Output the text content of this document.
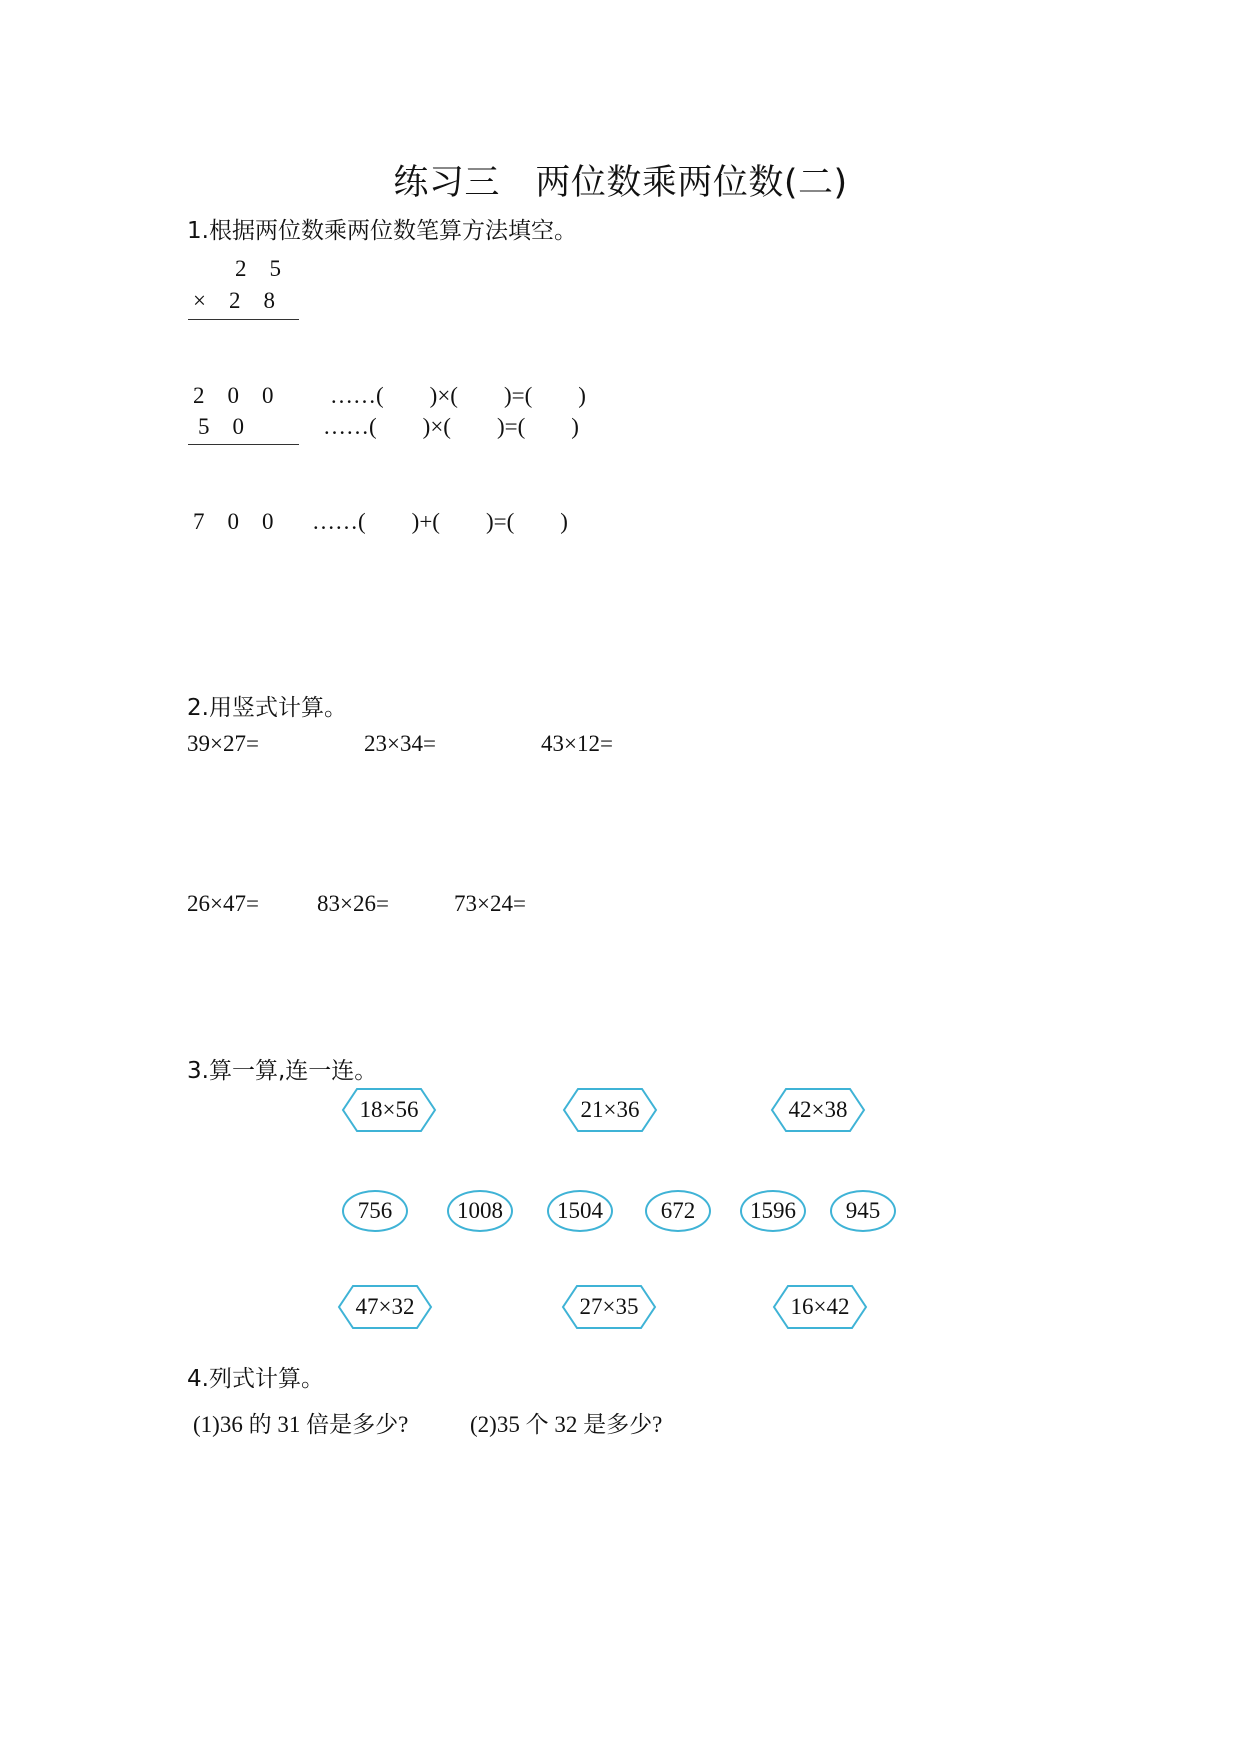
练习三　两位数乘两位数(二)
1.根据两位数乘两位数笔算方法填空。
2　5
×　2　8
2　0　0 ……(　　)×(　　)=(　　)
5　0	……(　　)×(　　)=(　　)
7　0　0 ……(　　)+(　　)=(　　)
2.用竖式计算。
39×27=	23×34=	43×12=
26×47=	83×26=	73×24=
3.算一算,连一连。
18×56	21×36	42×38
756	1008	1504	672	1596	945
47×32	27×35	16×42
4.列式计算。
(1)36 的 31 倍是多少?	(2)35 个 32 是多少?
